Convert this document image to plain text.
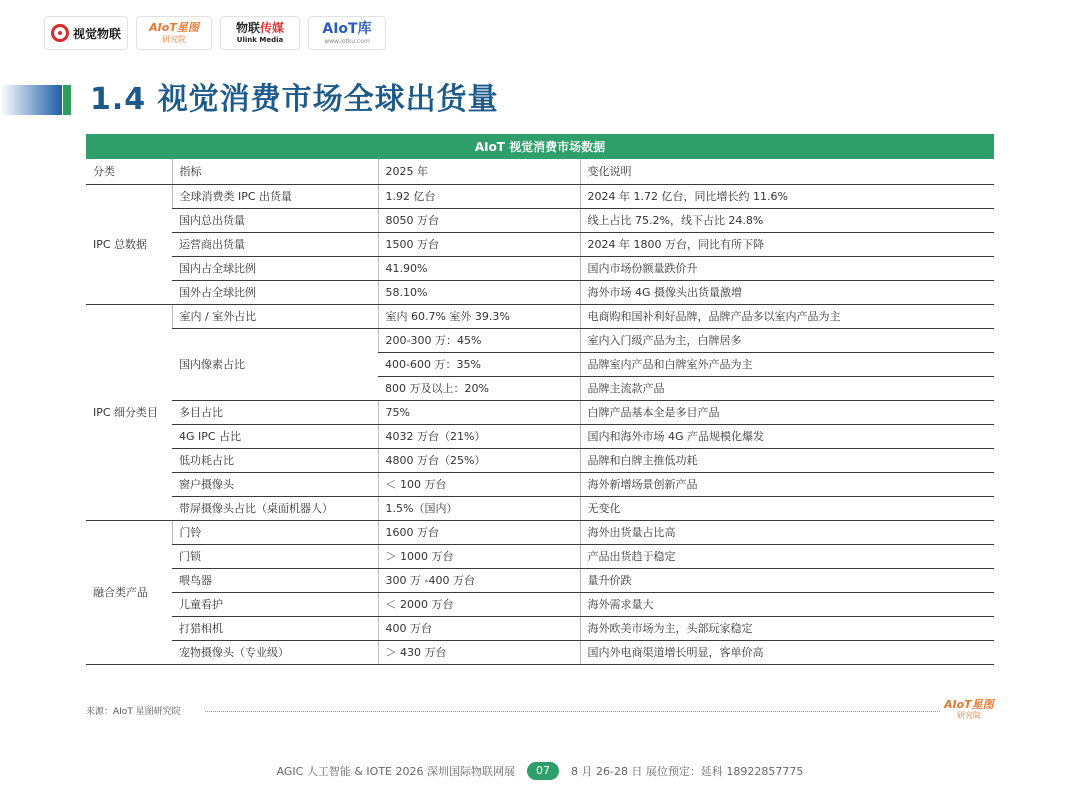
视觉物联	AIoT星图
研究院
物联传媒
Ulink Media
AIoT库
www.iotku.com
1.4 视觉消费市场全球出货量
AIoT 视觉消费市场数据
分类	指标	2025 年	变化说明
IPC 总数据	全球消费类 IPC 出货量	1.92 亿台	2024 年 1.72 亿台，同比增长约 11.6%
	国内总出货量	8050 万台	线上占比 75.2%，线下占比 24.8%
	运营商出货量	1500 万台	2024 年 1800 万台，同比有所下降
	国内占全球比例	41.90%	国内市场份额量跌价升
	国外占全球比例	58.10%	海外市场 4G 摄像头出货量激增
IPC 细分类目	室内 / 室外占比	室内 60.7% 室外 39.3%	电商购和国补利好品牌，品牌产品多以室内产品为主
	国内像素占比	200-300 万：45%	室内入门级产品为主，白牌居多
		400-600 万：35%	品牌室内产品和白牌室外产品为主
		800 万及以上：20%	品牌主流款产品
	多目占比	75%	白牌产品基本全是多目产品
	4G IPC 占比	4032 万台（21%）	国内和海外市场 4G 产品规模化爆发
	低功耗占比	4800 万台（25%）	品牌和白牌主推低功耗
	窗户摄像头	＜ 100 万台	海外新增场景创新产品
	带屏摄像头占比（桌面机器人）	1.5%（国内）	无变化
融合类产品	门铃	1600 万台	海外出货量占比高
	门锁	＞ 1000 万台	产品出货趋于稳定
	喂鸟器	300 万 -400 万台	量升价跌
	儿童看护	＜ 2000 万台	海外需求量大
	打猎相机	400 万台	海外欧美市场为主，头部玩家稳定
	宠物摄像头（专业级）	＞ 430 万台	国内外电商渠道增长明显，客单价高
来源：AIoT 星图研究院
AIoT星图
研究院
AGIC 人工智能 & IOTE 2026 深圳国际物联网展	07	8 月 26-28 日 展位预定：延科 18922857775
